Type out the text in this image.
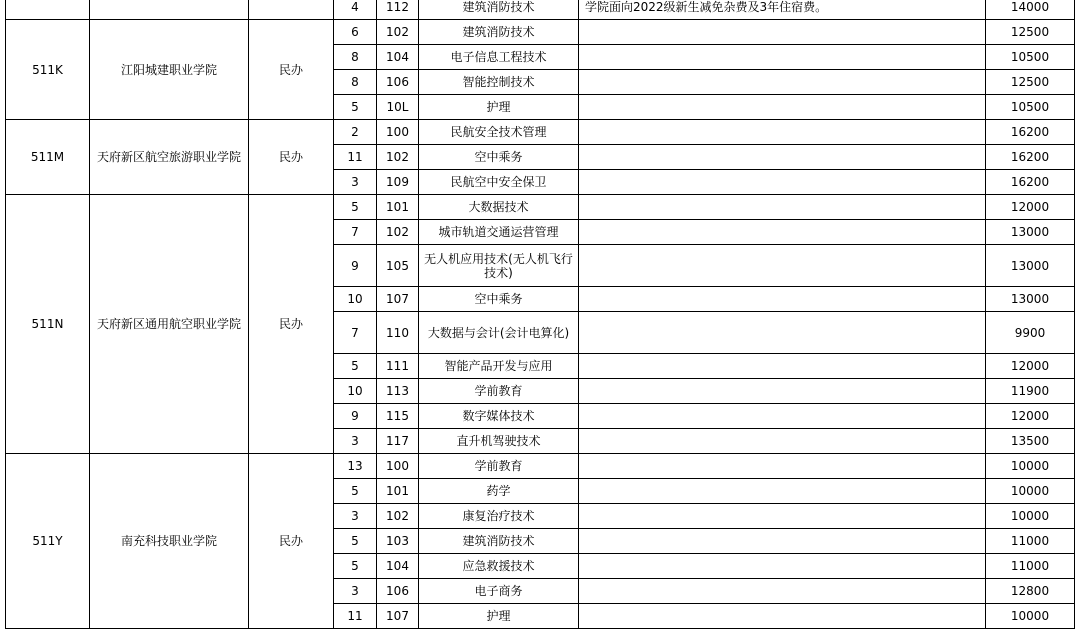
			4	112	建筑消防技术	学院面向2022级新生减免杂费及3年住宿费。	14000
511K	江阳城建职业学院	民办	6	102	建筑消防技术		12500
			8	104	电子信息工程技术		10500
			8	106	智能控制技术		12500
			5	10L	护理		10500
511M	天府新区航空旅游职业学院	民办	2	100	民航安全技术管理		16200
			11	102	空中乘务		16200
			3	109	民航空中安全保卫		16200
511N	天府新区通用航空职业学院	民办	5	101	大数据技术		12000
			7	102	城市轨道交通运营管理		13000
			9	105	无人机应用技术(无人机飞行技术)		13000
			10	107	空中乘务		13000
			7	110	大数据与会计(会计电算化)		9900
			5	111	智能产品开发与应用		12000
			10	113	学前教育		11900
			9	115	数字媒体技术		12000
			3	117	直升机驾驶技术		13500
511Y	南充科技职业学院	民办	13	100	学前教育		10000
			5	101	药学		10000
			3	102	康复治疗技术		10000
			5	103	建筑消防技术		11000
			5	104	应急救援技术		11000
			3	106	电子商务		12800
			11	107	护理		10000
